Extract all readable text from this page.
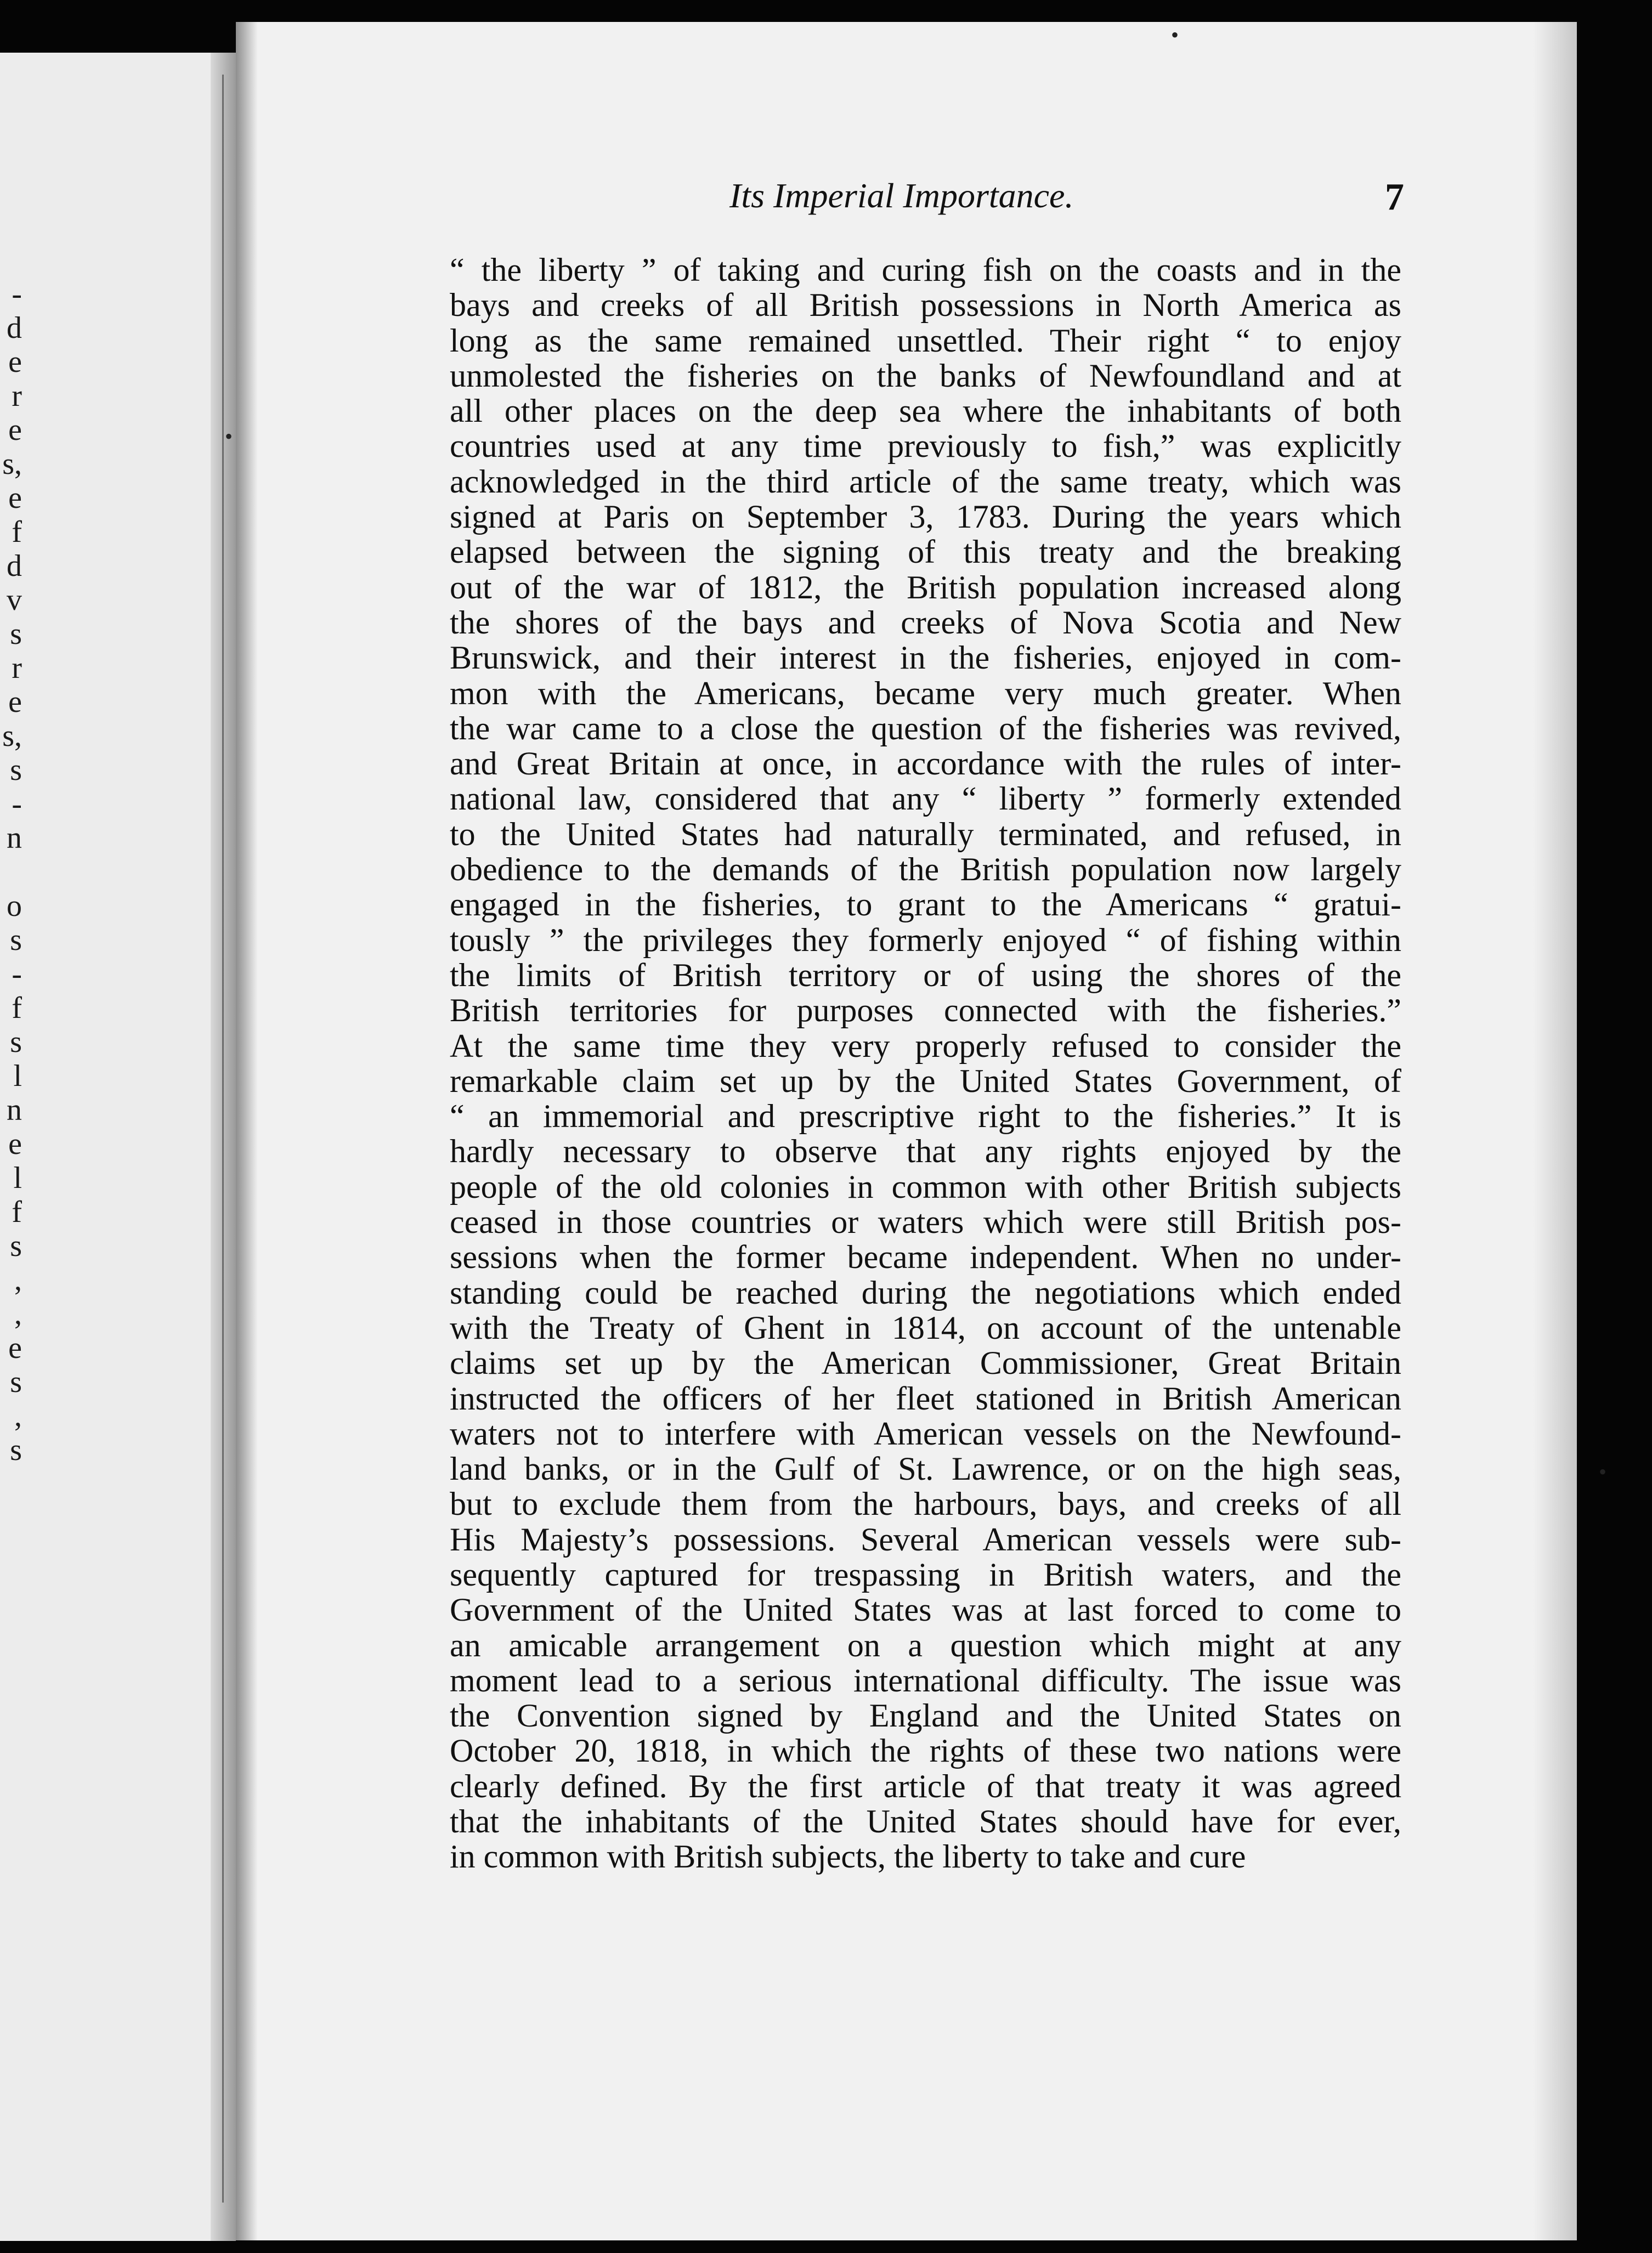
-
d
e
r
e
s,
e
f
d
v
s
r
e
s,
s
-
n
o
s
-
f
s
l
n
e
l
f
s
,
,
e
s
,
s
Its Imperial Importance.	7
“ the liberty ” of taking and curing fish on the coasts and in the
bays and creeks of all British possessions in North America as
long as the same remained unsettled. Their right “ to enjoy
unmolested the fisheries on the banks of Newfoundland and at
all other places on the deep sea where the inhabitants of both
countries used at any time previously to fish,” was explicitly
acknowledged in the third article of the same treaty, which was
signed at Paris on September 3, 1783. During the years which
elapsed between the signing of this treaty and the breaking
out of the war of 1812, the British population increased along
the shores of the bays and creeks of Nova Scotia and New
Brunswick, and their interest in the fisheries, enjoyed in com-
mon with the Americans, became very much greater. When
the war came to a close the question of the fisheries was revived,
and Great Britain at once, in accordance with the rules of inter-
national law, considered that any “ liberty ” formerly extended
to the United States had naturally terminated, and refused, in
obedience to the demands of the British population now largely
engaged in the fisheries, to grant to the Americans “ gratui-
tously ” the privileges they formerly enjoyed “ of fishing within
the limits of British territory or of using the shores of the
British territories for purposes connected with the fisheries.”
At the same time they very properly refused to consider the
remarkable claim set up by the United States Government, of
“ an immemorial and prescriptive right to the fisheries.” It is
hardly necessary to observe that any rights enjoyed by the
people of the old colonies in common with other British subjects
ceased in those countries or waters which were still British pos-
sessions when the former became independent. When no under-
standing could be reached during the negotiations which ended
with the Treaty of Ghent in 1814, on account of the untenable
claims set up by the American Commissioner, Great Britain
instructed the officers of her fleet stationed in British American
waters not to interfere with American vessels on the Newfound-
land banks, or in the Gulf of St. Lawrence, or on the high seas,
but to exclude them from the harbours, bays, and creeks of all
His Majesty’s possessions. Several American vessels were sub-
sequently captured for trespassing in British waters, and the
Government of the United States was at last forced to come to
an amicable arrangement on a question which might at any
moment lead to a serious international difficulty. The issue was
the Convention signed by England and the United States on
October 20, 1818, in which the rights of these two nations were
clearly defined. By the first article of that treaty it was agreed
that the inhabitants of the United States should have for ever,
in common with British subjects, the liberty to take and cure
•
•
•
